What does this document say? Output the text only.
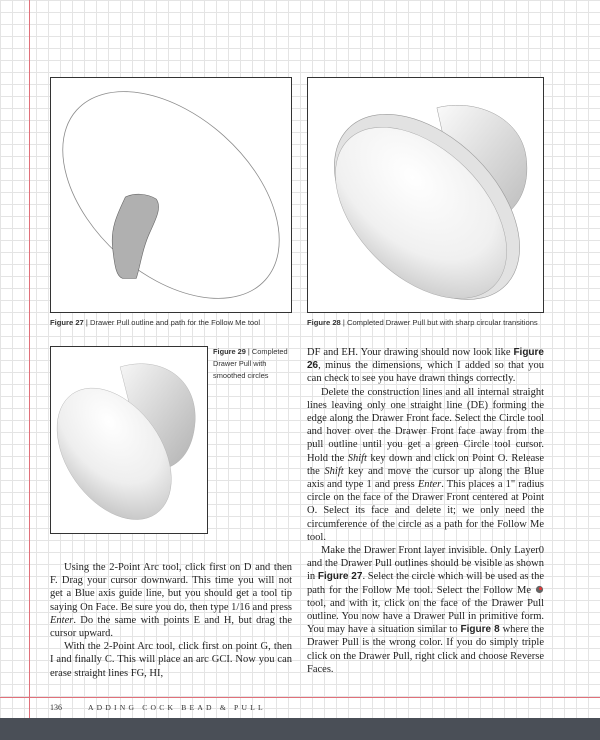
Figure 27 | Drawer Pull outline and path for the Follow Me tool	Figure 28 | Completed Drawer Pull but with sharp circular transitions
Figure 29 | Completed Drawer Pull with smoothed circles

Using the 2-Point Arc tool, click first on D and then F. Drag your cursor downward. This time you will not get a Blue axis guide line, but you should get a tool tip saying On Face. Be sure you do, then type 1/16 and press Enter. Do the same with points E and H, but drag the cursor upward.

With the 2-Point Arc tool, click first on point G, then I and finally C. This will place an arc GCI. Now you can erase straight lines FG, HI,

DF and EH. Your drawing should now look like Figure 26, minus the dimensions, which I added so that you can check to see you have drawn things correctly.

Delete the construction lines and all internal straight lines leaving only one straight line (DE) forming the edge along the Drawer Front face. Select the Circle tool and hover over the Drawer Front face away from the pull outline until you get a green Circle tool cursor. Hold the Shift key down and click on Point O. Release the Shift key and move the cursor up along the Blue axis and type 1 and press Enter. This places a 1" radius circle on the face of the Drawer Front centered at Point O. Select its face and delete it; we only need the circumference of the circle as a path for the Follow Me tool.

Make the Drawer Front layer invisible. Only Layer0 and the Drawer Pull outlines should be visible as shown in Figure 27. Select the circle which will be used as the path for the Follow Me tool. Select the Follow Me  tool, and with it, click on the face of the Drawer Pull outline. You now have a Drawer Pull in primitive form. You may have a situation similar to Figure 8 where the Drawer Pull is the wrong color. If you do simply triple click on the Drawer Pull, right click and choose Reverse Faces.

136	ADDING COCK BEAD & PULL
